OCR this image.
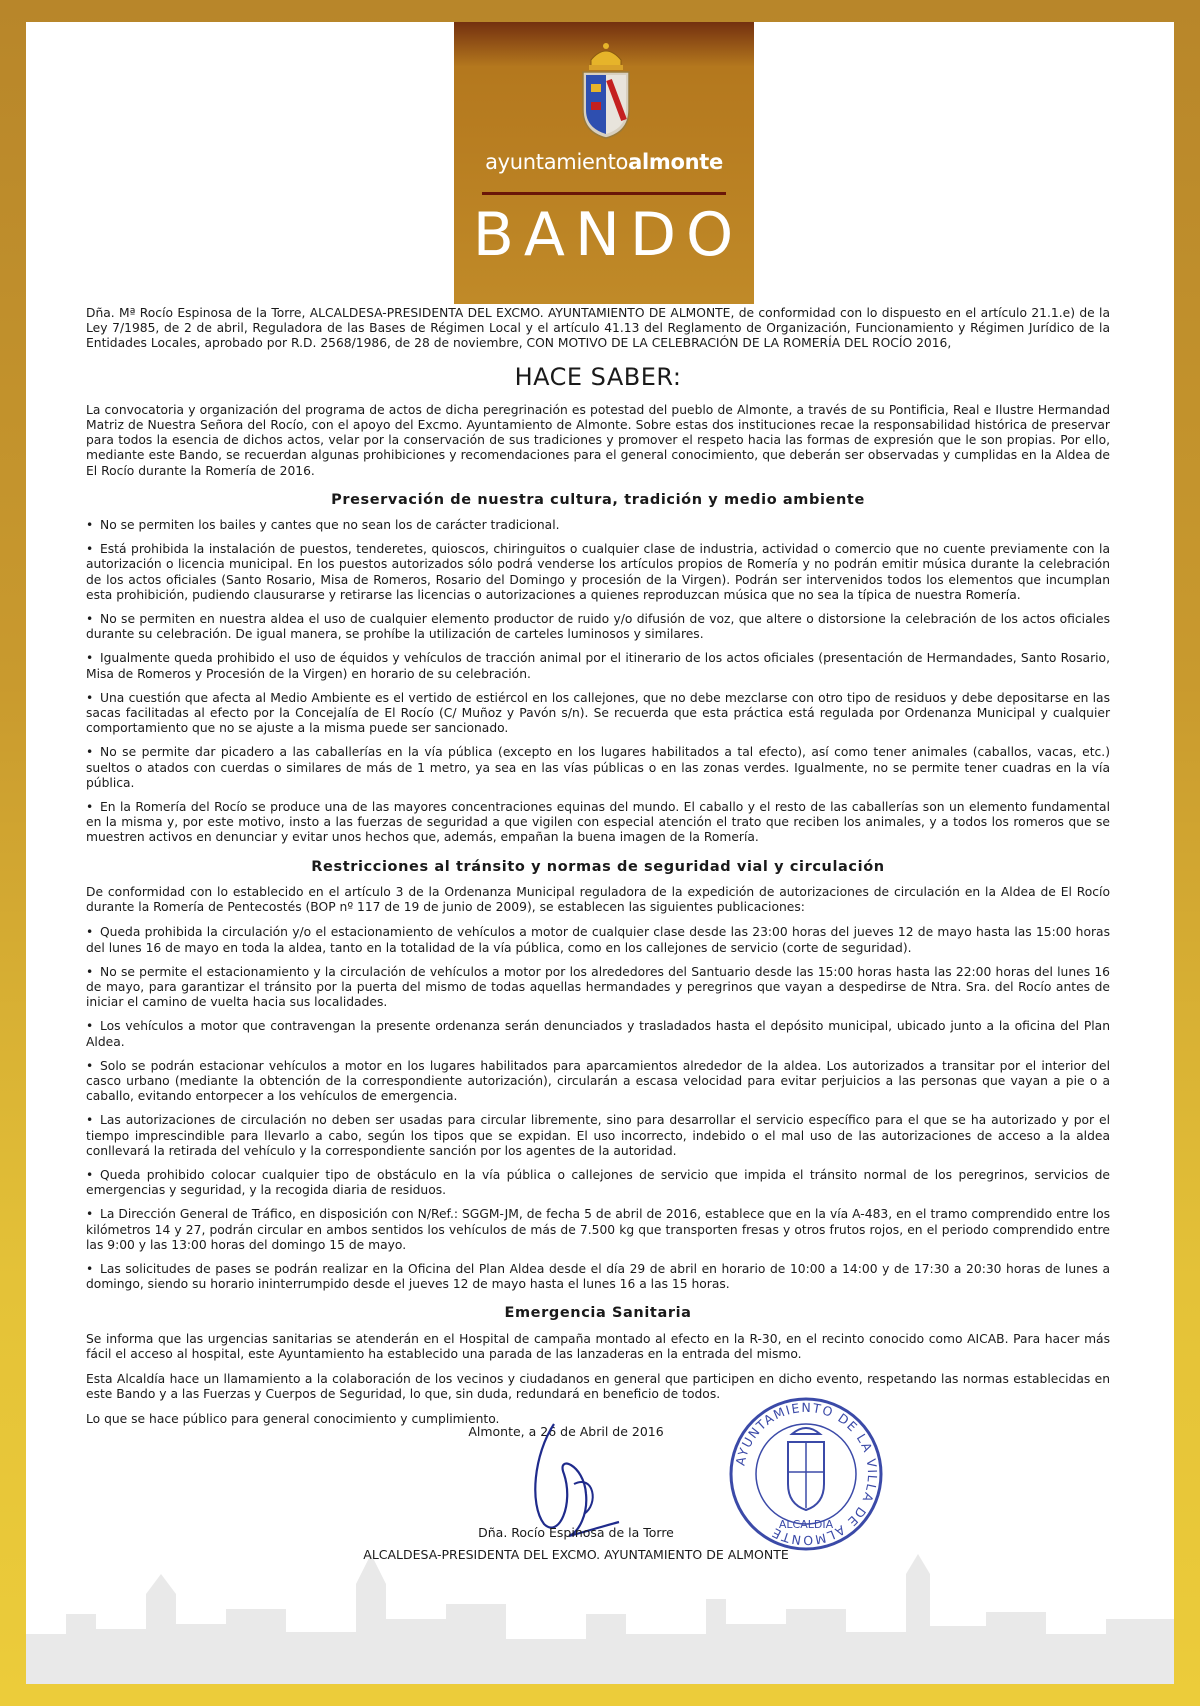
ayuntamientoalmonte
BANDO

Dña. Mª Rocío Espinosa de la Torre, ALCALDESA-PRESIDENTA DEL EXCMO. AYUNTAMIENTO DE ALMONTE, de conformidad con lo dispuesto en el artículo 21.1.e) de la Ley 7/1985, de 2 de abril, Reguladora de las Bases de Régimen Local y el artículo 41.13 del Reglamento de Organización, Funcionamiento y Régimen Jurídico de la Entidades Locales, aprobado por R.D. 2568/1986, de 28 de noviembre, CON MOTIVO DE LA CELEBRACIÓN DE LA ROMERÍA DEL ROCÍO 2016,

HACE SABER:

La convocatoria y organización del programa de actos de dicha peregrinación es potestad del pueblo de Almonte, a través de su Pontificia, Real e Ilustre Hermandad Matriz de Nuestra Señora del Rocío, con el apoyo del Excmo. Ayuntamiento de Almonte. Sobre estas dos instituciones recae la responsabilidad histórica de preservar para todos la esencia de dichos actos, velar por la conservación de sus tradiciones y promover el respeto hacia las formas de expresión que le son propias. Por ello, mediante este Bando, se recuerdan algunas prohibiciones y recomendaciones para el general conocimiento, que deberán ser observadas y cumplidas en la Aldea de El Rocío durante la Romería de 2016.

Preservación de nuestra cultura, tradición y medio ambiente
• No se permiten los bailes y cantes que no sean los de carácter tradicional.
• Está prohibida la instalación de puestos, tenderetes, quioscos, chiringuitos o cualquier clase de industria, actividad o comercio que no cuente previamente con la autorización o licencia municipal. En los puestos autorizados sólo podrá venderse los artículos propios de Romería y no podrán emitir música durante la celebración de los actos oficiales (Santo Rosario, Misa de Romeros, Rosario del Domingo y procesión de la Virgen). Podrán ser intervenidos todos los elementos que incumplan esta prohibición, pudiendo clausurarse y retirarse las licencias o autorizaciones a quienes reproduzcan música que no sea la típica de nuestra Romería.
• No se permiten en nuestra aldea el uso de cualquier elemento productor de ruido y/o difusión de voz, que altere o distorsione la celebración de los actos oficiales durante su celebración. De igual manera, se prohíbe la utilización de carteles luminosos y similares.
• Igualmente queda prohibido el uso de équidos y vehículos de tracción animal por el itinerario de los actos oficiales (presentación de Hermandades, Santo Rosario, Misa de Romeros y Procesión de la Virgen) en horario de su celebración.
• Una cuestión que afecta al Medio Ambiente es el vertido de estiércol en los callejones, que no debe mezclarse con otro tipo de residuos y debe depositarse en las sacas facilitadas al efecto por la Concejalía de El Rocío (C/ Muñoz y Pavón s/n). Se recuerda que esta práctica está regulada por Ordenanza Municipal y cualquier comportamiento que no se ajuste a la misma puede ser sancionado.
• No se permite dar picadero a las caballerías en la vía pública (excepto en los lugares habilitados a tal efecto), así como tener animales (caballos, vacas, etc.) sueltos o atados con cuerdas o similares de más de 1 metro, ya sea en las vías públicas o en las zonas verdes. Igualmente, no se permite tener cuadras en la vía pública.
• En la Romería del Rocío se produce una de las mayores concentraciones equinas del mundo. El caballo y el resto de las caballerías son un elemento fundamental en la misma y, por este motivo, insto a las fuerzas de seguridad a que vigilen con especial atención el trato que reciben los animales, y a todos los romeros que se muestren activos en denunciar y evitar unos hechos que, además, empañan la buena imagen de la Romería.
Restricciones al tránsito y normas de seguridad vial y circulación

De conformidad con lo establecido en el artículo 3 de la Ordenanza Municipal reguladora de la expedición de autorizaciones de circulación en la Aldea de El Rocío durante la Romería de Pentecostés (BOP nº 117 de 19 de junio de 2009), se establecen las siguientes publicaciones:

• Queda prohibida la circulación y/o el estacionamiento de vehículos a motor de cualquier clase desde las 23:00 horas del jueves 12 de mayo hasta las 15:00 horas del lunes 16 de mayo en toda la aldea, tanto en la totalidad de la vía pública, como en los callejones de servicio (corte de seguridad).
• No se permite el estacionamiento y la circulación de vehículos a motor por los alrededores del Santuario desde las 15:00 horas hasta las 22:00 horas del lunes 16 de mayo, para garantizar el tránsito por la puerta del mismo de todas aquellas hermandades y peregrinos que vayan a despedirse de Ntra. Sra. del Rocío antes de iniciar el camino de vuelta hacia sus localidades.
• Los vehículos a motor que contravengan la presente ordenanza serán denunciados y trasladados hasta el depósito municipal, ubicado junto a la oficina del Plan Aldea.
• Solo se podrán estacionar vehículos a motor en los lugares habilitados para aparcamientos alrededor de la aldea. Los autorizados a transitar por el interior del casco urbano (mediante la obtención de la correspondiente autorización), circularán a escasa velocidad para evitar perjuicios a las personas que vayan a pie o a caballo, evitando entorpecer a los vehículos de emergencia.
• Las autorizaciones de circulación no deben ser usadas para circular libremente, sino para desarrollar el servicio específico para el que se ha autorizado y por el tiempo imprescindible para llevarlo a cabo, según los tipos que se expidan. El uso incorrecto, indebido o el mal uso de las autorizaciones de acceso a la aldea conllevará la retirada del vehículo y la correspondiente sanción por los agentes de la autoridad.
• Queda prohibido colocar cualquier tipo de obstáculo en la vía pública o callejones de servicio que impida el tránsito normal de los peregrinos, servicios de emergencias y seguridad, y la recogida diaria de residuos.
• La Dirección General de Tráfico, en disposición con N/Ref.: SGGM-JM, de fecha 5 de abril de 2016, establece que en la vía A-483, en el tramo comprendido entre los kilómetros 14 y 27, podrán circular en ambos sentidos los vehículos de más de 7.500 kg que transporten fresas y otros frutos rojos, en el periodo comprendido entre las 9:00 y las 13:00 horas del domingo 15 de mayo.
• Las solicitudes de pases se podrán realizar en la Oficina del Plan Aldea desde el día 29 de abril en horario de 10:00 a 14:00 y de 17:30 a 20:30 horas de lunes a domingo, siendo su horario ininterrumpido desde el jueves 12 de mayo hasta el lunes 16 a las 15 horas.
Emergencia Sanitaria

Se informa que las urgencias sanitarias se atenderán en el Hospital de campaña montado al efecto en la R-30, en el recinto conocido como AICAB. Para hacer más fácil el acceso al hospital, este Ayuntamiento ha establecido una parada de las lanzaderas en la entrada del mismo.

Esta Alcaldía hace un llamamiento a la colaboración de los vecinos y ciudadanos en general que participen en dicho evento, respetando las normas establecidas en este Bando y a las Fuerzas y Cuerpos de Seguridad, lo que, sin duda, redundará en beneficio de todos.

Lo que se hace público para general conocimiento y cumplimiento.

Almonte, a 26 de Abril de 2016
AYUNTAMIENTO DE LA VILLA DE ALMONTE
ALCALDIA
Dña. Rocío Espinosa de la Torre
ALCALDESA-PRESIDENTA DEL EXCMO. AYUNTAMIENTO DE ALMONTE
